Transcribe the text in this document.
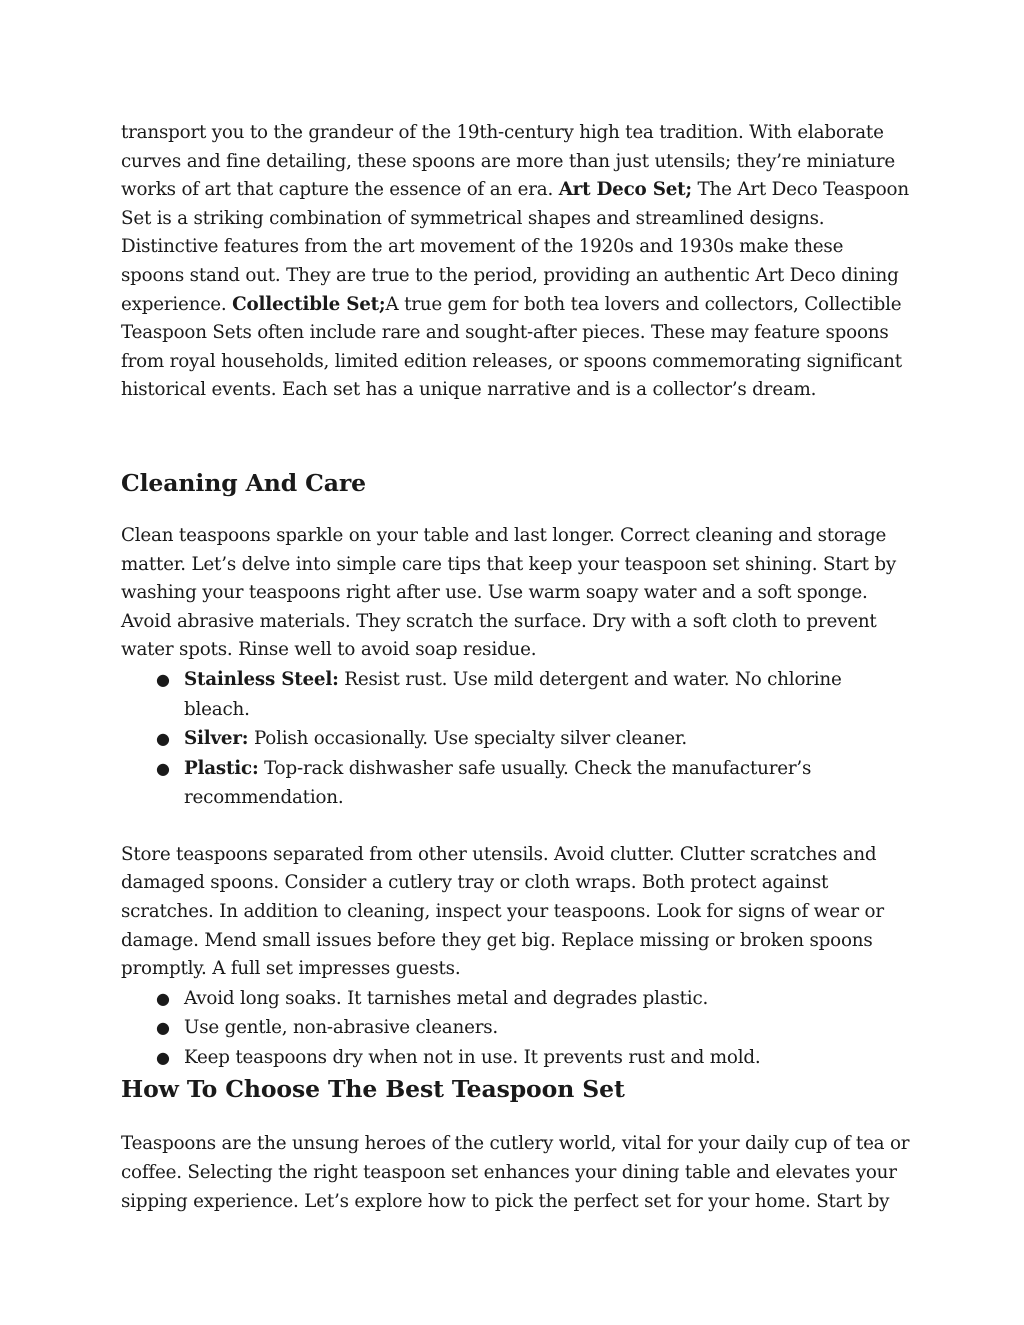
transport you to the grandeur of the 19th-century high tea tradition. With elaborate curves and fine detailing, these spoons are more than just utensils; they’re miniature works of art that capture the essence of an era. Art Deco Set; The Art Deco Teaspoon Set is a striking combination of symmetrical shapes and streamlined designs. Distinctive features from the art movement of the 1920s and 1930s make these spoons stand out. They are true to the period, providing an authentic Art Deco dining experience. Collectible Set;A true gem for both tea lovers and collectors, Collectible Teaspoon Sets often include rare and sought-after pieces. These may feature spoons from royal households, limited edition releases, or spoons commemorating significant historical events. Each set has a unique narrative and is a collector’s dream.

Cleaning And Care

Clean teaspoons sparkle on your table and last longer. Correct cleaning and storage matter. Let’s delve into simple care tips that keep your teaspoon set shining. Start by washing your teaspoons right after use. Use warm soapy water and a soft sponge. Avoid abrasive materials. They scratch the surface. Dry with a soft cloth to prevent water spots. Rinse well to avoid soap residue.

● Stainless Steel: Resist rust. Use mild detergent and water. No chlorine bleach.
● Silver: Polish occasionally. Use specialty silver cleaner.
● Plastic: Top-rack dishwasher safe usually. Check the manufacturer’s recommendation.

Store teaspoons separated from other utensils. Avoid clutter. Clutter scratches and damaged spoons. Consider a cutlery tray or cloth wraps. Both protect against scratches. In addition to cleaning, inspect your teaspoons. Look for signs of wear or damage. Mend small issues before they get big. Replace missing or broken spoons promptly. A full set impresses guests.

● Avoid long soaks. It tarnishes metal and degrades plastic.
● Use gentle, non-abrasive cleaners.
● Keep teaspoons dry when not in use. It prevents rust and mold.
How To Choose The Best Teaspoon Set

Teaspoons are the unsung heroes of the cutlery world, vital for your daily cup of tea or coffee. Selecting the right teaspoon set enhances your dining table and elevates your sipping experience. Let’s explore how to pick the perfect set for your home. Start by
